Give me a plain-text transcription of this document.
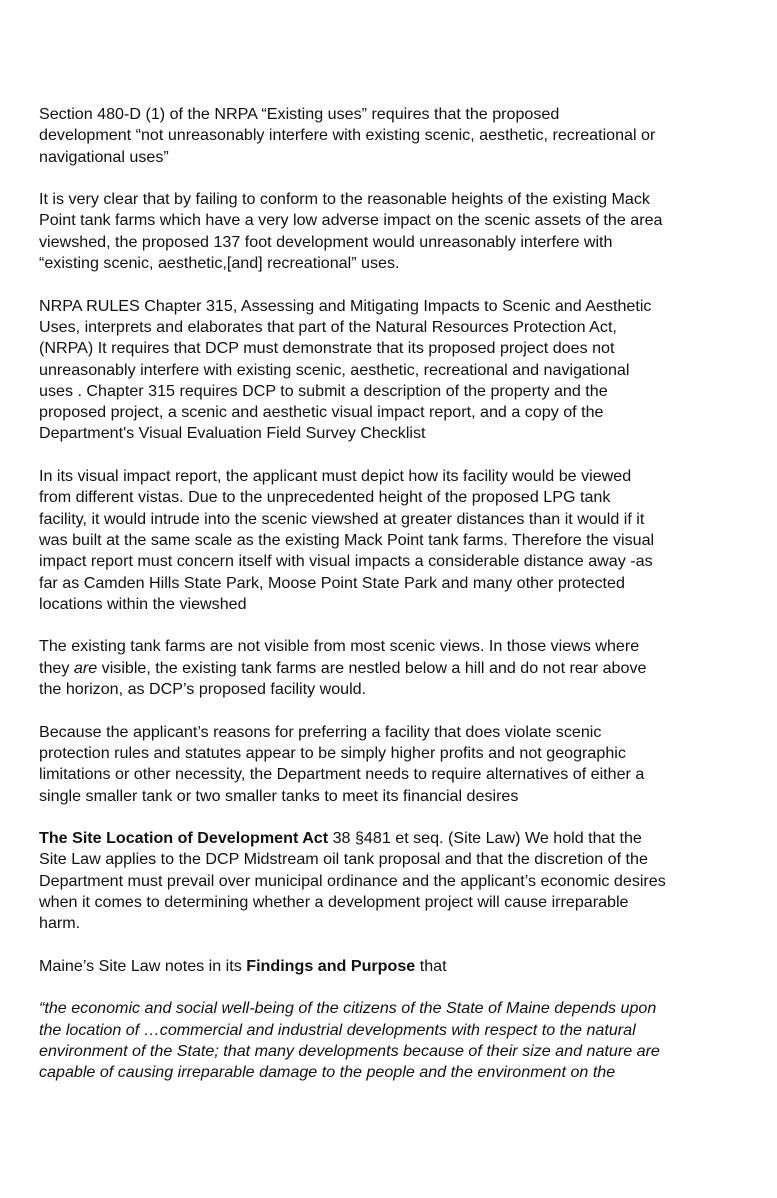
Section 480-D (1) of the NRPA “Existing uses” requires that the proposed
development “not unreasonably interfere with existing scenic, aesthetic, recreational or
navigational uses”

It is very clear that by failing to conform to the reasonable heights of the existing Mack
Point tank farms which have a very low adverse impact on the scenic assets of the area
viewshed, the proposed 137 foot development would unreasonably interfere with
“existing scenic, aesthetic,[and] recreational” uses.

NRPA RULES Chapter 315, Assessing and Mitigating Impacts to Scenic and Aesthetic
Uses, interprets and elaborates that part of the Natural Resources Protection Act,
(NRPA) It requires that DCP must demonstrate that its proposed project does not
unreasonably interfere with existing scenic, aesthetic, recreational and navigational
uses . Chapter 315 requires DCP to submit a description of the property and the
proposed project, a scenic and aesthetic visual impact report, and a copy of the
Department's Visual Evaluation Field Survey Checklist

In its visual impact report, the applicant must depict how its facility would be viewed
from different vistas. Due to the unprecedented height of the proposed LPG tank
facility, it would intrude into the scenic viewshed at greater distances than it would if it
was built at the same scale as the existing Mack Point tank farms. Therefore the visual
impact report must concern itself with visual impacts a considerable distance away -as
far as Camden Hills State Park, Moose Point State Park and many other protected
locations within the viewshed

The existing tank farms are not visible from most scenic views. In those views where
they are visible, the existing tank farms are nestled below a hill and do not rear above
the horizon, as DCP’s proposed facility would.

Because the applicant’s reasons for preferring a facility that does violate scenic
protection rules and statutes appear to be simply higher profits and not geographic
limitations or other necessity, the Department needs to require alternatives of either a
single smaller tank or two smaller tanks to meet its financial desires

The Site Location of Development Act 38 §481 et seq. (Site Law) We hold that the
Site Law applies to the DCP Midstream oil tank proposal and that the discretion of the
Department must prevail over municipal ordinance and the applicant’s economic desires
when it comes to determining whether a development project will cause irreparable
harm.

Maine’s Site Law notes in its Findings and Purpose that

“the economic and social well-being of the citizens of the State of Maine depends upon
the location of …commercial and industrial developments with respect to the natural
environment of the State; that many developments because of their size and nature are
capable of causing irreparable damage to the people and the environment on the
